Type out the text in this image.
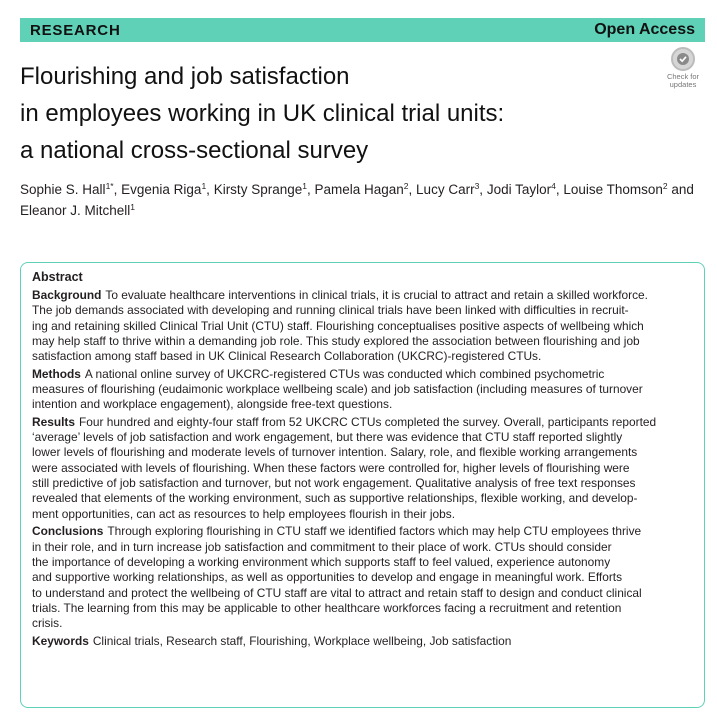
RESEARCH	Open Access
Check for
updates
Flourishing and job satisfaction
in employees working in UK clinical trial units:
a national cross-sectional survey
Sophie S. Hall$^{1*}$, Evgenia Riga$^1$, Kirsty Sprange$^1$, Pamela Hagan$^2$, Lucy Carr$^3$, Jodi Taylor$^4$, Louise Thomson$^2$ and
Eleanor J. Mitchell$^1$
Abstract

Background To evaluate healthcare interventions in clinical trials, it is crucial to attract and retain a skilled workforce.
The job demands associated with developing and running clinical trials have been linked with difficulties in recruit-
ing and retaining skilled Clinical Trial Unit (CTU) staff. Flourishing conceptualises positive aspects of wellbeing which
may help staff to thrive within a demanding job role. This study explored the association between flourishing and job
satisfaction among staff based in UK Clinical Research Collaboration (UKCRC)-registered CTUs.

Methods A national online survey of UKCRC-registered CTUs was conducted which combined psychometric
measures of flourishing (eudaimonic workplace wellbeing scale) and job satisfaction (including measures of turnover
intention and workplace engagement), alongside free-text questions.

Results Four hundred and eighty-four staff from 52 UKCRC CTUs completed the survey. Overall, participants reported
‘average’ levels of job satisfaction and work engagement, but there was evidence that CTU staff reported slightly
lower levels of flourishing and moderate levels of turnover intention. Salary, role, and flexible working arrangements
were associated with levels of flourishing. When these factors were controlled for, higher levels of flourishing were
still predictive of job satisfaction and turnover, but not work engagement. Qualitative analysis of free text responses
revealed that elements of the working environment, such as supportive relationships, flexible working, and develop-
ment opportunities, can act as resources to help employees flourish in their jobs.

Conclusions Through exploring flourishing in CTU staff we identified factors which may help CTU employees thrive
in their role, and in turn increase job satisfaction and commitment to their place of work. CTUs should consider
the importance of developing a working environment which supports staff to feel valued, experience autonomy
and supportive working relationships, as well as opportunities to develop and engage in meaningful work. Efforts
to understand and protect the wellbeing of CTU staff are vital to attract and retain staff to design and conduct clinical
trials. The learning from this may be applicable to other healthcare workforces facing a recruitment and retention
crisis.

Keywords Clinical trials, Research staff, Flourishing, Workplace wellbeing, Job satisfaction
